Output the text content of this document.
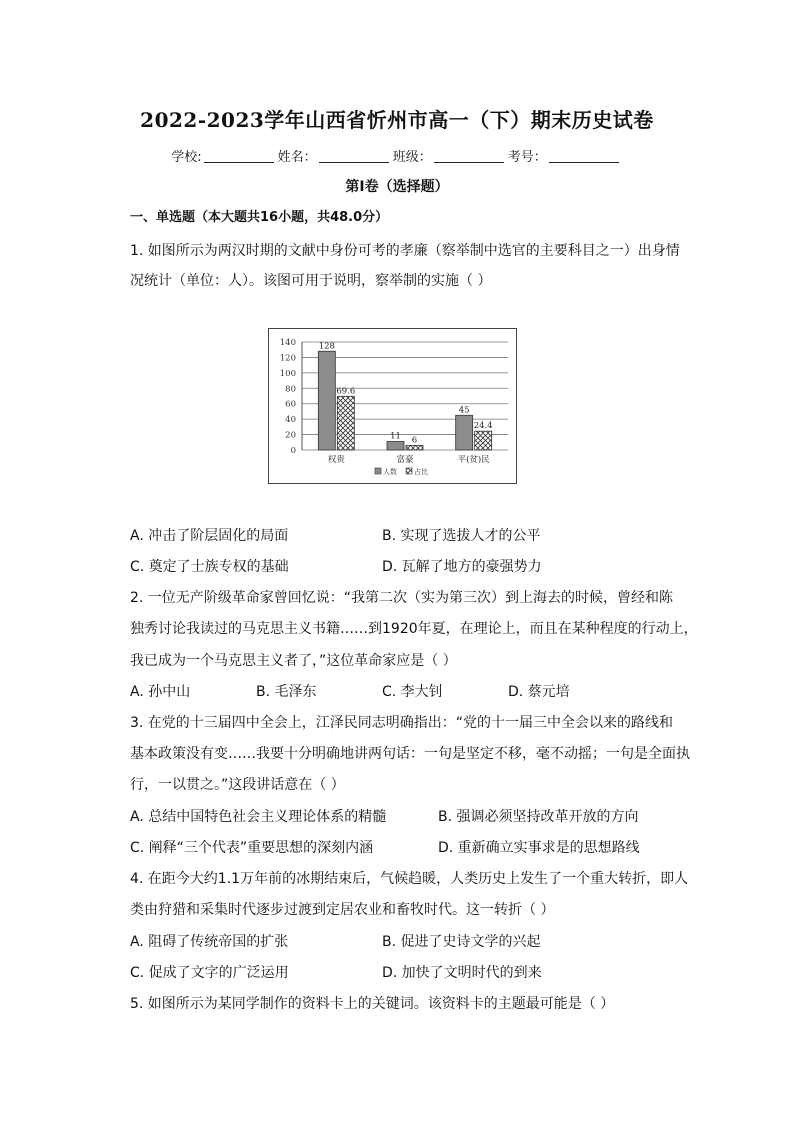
2022-2023学年山西省忻州市高一（下）期末历史试卷
学校:	姓名：	班级：	考号：
第I卷（选择题）
一、单选题（本大题共16小题，共48.0分）
1. 如图所示为两汉时期的文献中身份可考的孝廉（察举制中选官的主要科目之一）出身情
况统计（单位：人）。该图可用于说明，察举制的实施（ ）
0
20
40
60
80
100
120
140	128
69.6
11 6
45
24.4
权贵	富豪	平(贫)民
人数 占比
A. 冲击了阶层固化的局面	B. 实现了选拔人才的公平
C. 奠定了士族专权的基础	D. 瓦解了地方的豪强势力
2. 一位无产阶级革命家曾回忆说：“我第二次（实为第三次）到上海去的时候，曾经和陈
独秀讨论我读过的马克思主义书籍……到1920年夏，在理论上，而且在某种程度的行动上，
我已成为一个马克思主义者了，”这位革命家应是（ ）
A. 孙中山	B. 毛泽东	C. 李大钊	D. 蔡元培
3. 在党的十三届四中全会上，江泽民同志明确指出：“党的十一届三中全会以来的路线和
基本政策没有变……我要十分明确地讲两句话：一句是坚定不移，毫不动摇；一句是全面执
行，一以贯之。”这段讲话意在（ ）
A. 总结中国特色社会主义理论体系的精髓	B. 强调必须坚持改革开放的方向
C. 阐释“三个代表”重要思想的深刻内涵	D. 重新确立实事求是的思想路线
4. 在距今大约1.1万年前的冰期结束后，气候趋暖，人类历史上发生了一个重大转折，即人
类由狩猎和采集时代逐步过渡到定居农业和畜牧时代。这一转折（ ）
A. 阻碍了传统帝国的扩张	B. 促进了史诗文学的兴起
C. 促成了文字的广泛运用	D. 加快了文明时代的到来
5. 如图所示为某同学制作的资料卡上的关键词。该资料卡的主题最可能是（ ）
